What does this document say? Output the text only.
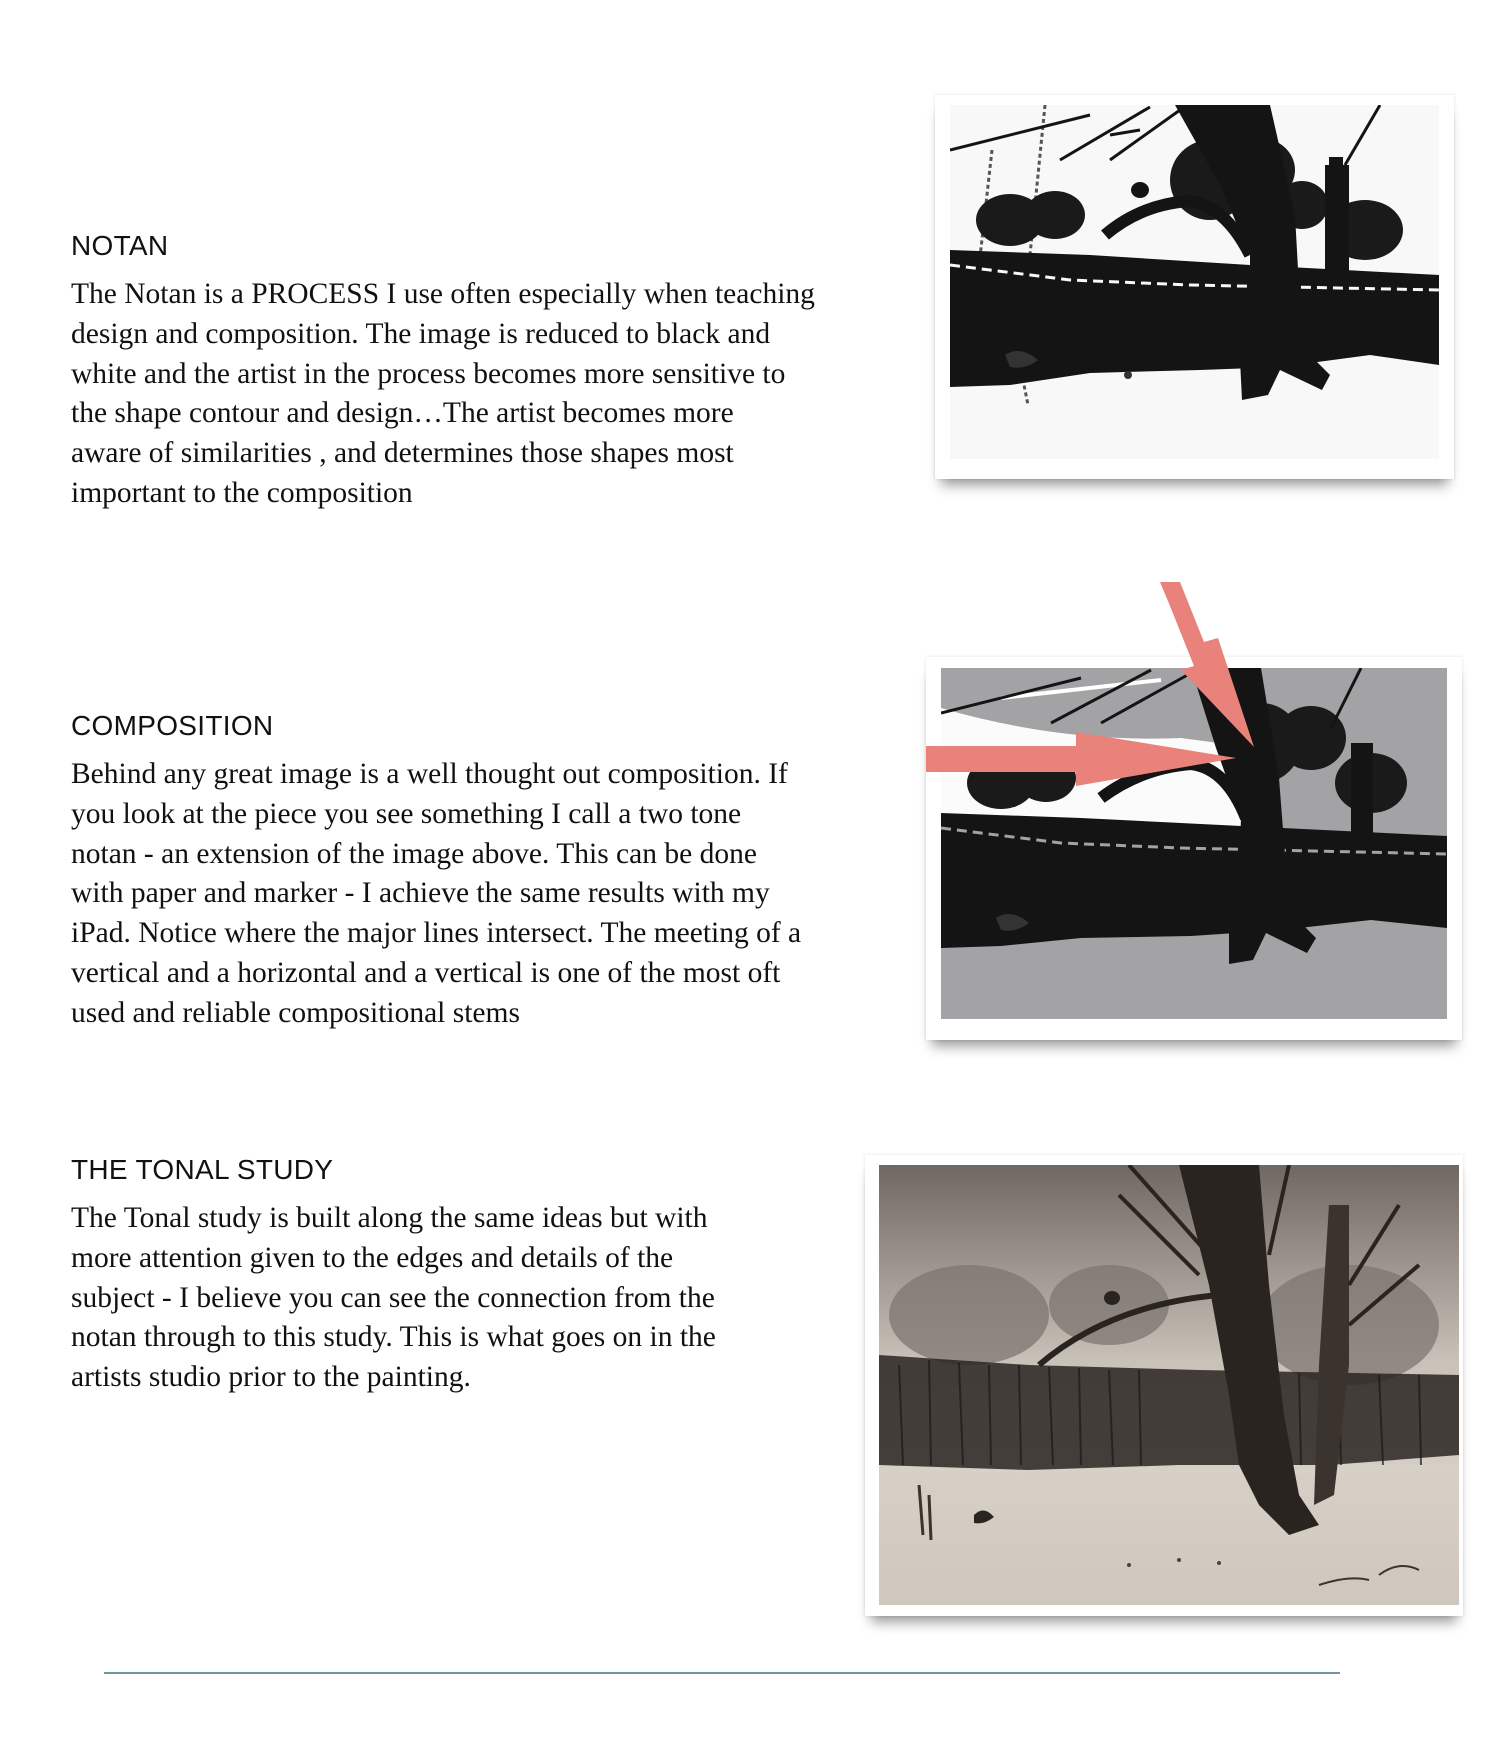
NOTAN
The Notan is a PROCESS I use often especially when teaching
design and composition. The image is reduced to black and
white and the artist in the process becomes more sensitive to
the shape contour and design…The artist becomes more
aware of similarities , and determines those shapes most
important to the composition
COMPOSITION
Behind any great image is a well thought out composition. If
you look at the piece you see something I call a two tone
notan - an extension of the image above. This can be done
with paper and marker - I achieve the same results with my
iPad. Notice where the major lines intersect. The meeting of a
vertical and a horizontal and a vertical is one of the most oft
used and reliable compositional stems
THE TONAL STUDY
The Tonal study is built along the same ideas but with
more attention given to the edges and details of the
subject - I believe you can see the connection from the
notan through to this study. This is what goes on in the
artists studio prior to the painting.
